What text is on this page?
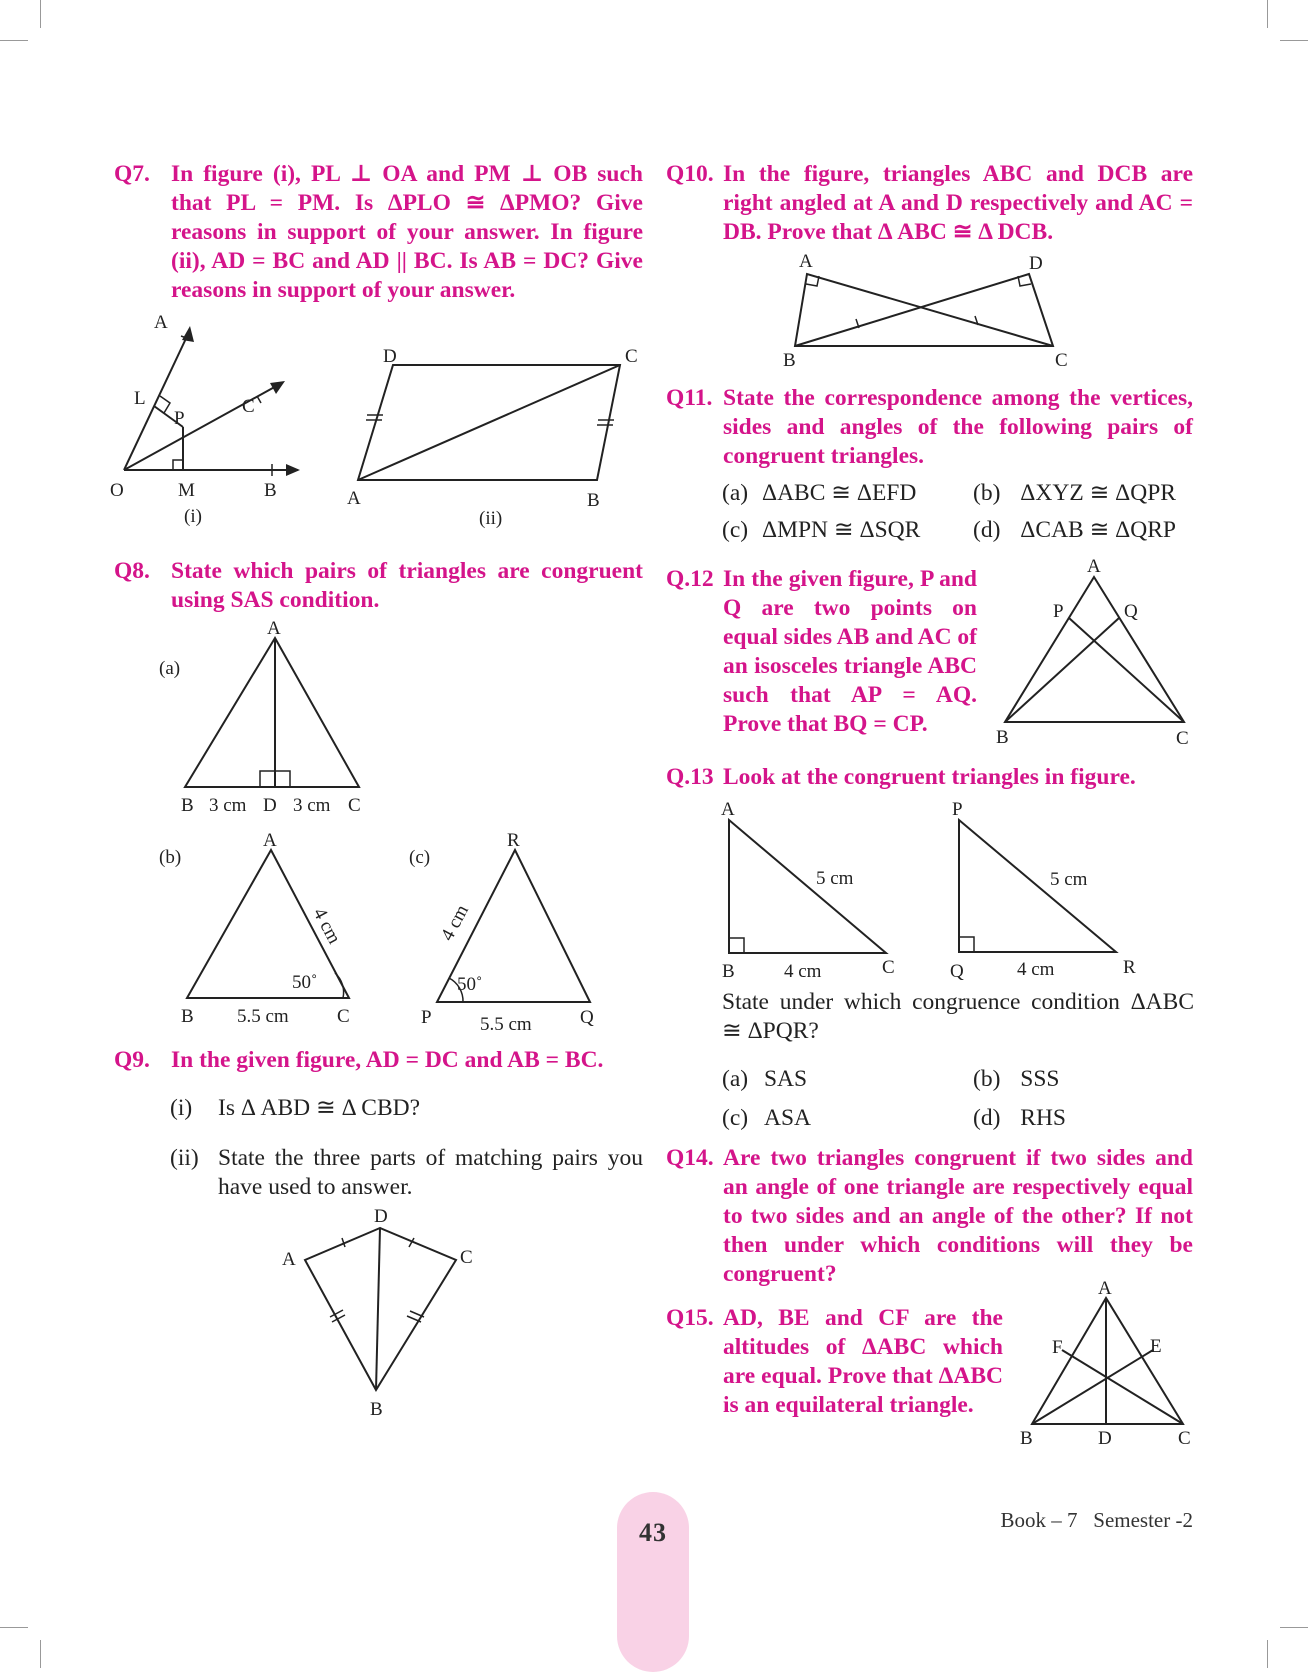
Q7. In figure (i), PL ⊥ OA and PM ⊥ OB such that PL = PM. Is ΔPLO ≅ ΔPMO? Give reasons in support of your answer. In figure (ii), AD = BC and AD || BC. Is AB = DC? Give reasons in support of your answer.
A
L
P
C
O	M	B
(i)
D	C
A	B
(ii)
Q8. State which pairs of triangles are congruent using SAS condition.
A
(a)
B 3 cm D 3 cm C
A
(b)
4 cm
50˚
B 5.5 cm	C
R
(c)
4 cm
50˚
P	5.5 cm	Q
Q9. In the given figure, AD = DC and AB = BC.
(i) Is Δ ABD ≅ Δ CBD?
(ii) State the three parts of matching pairs you have used to answer.
D
A	C
B
Q10. In the figure, triangles ABC and DCB are right angled at A and D respectively and AC = DB. Prove that Δ ABC ≅ Δ DCB.
A	D
B	C
Q11. State the correspondence among the vertices, sides and angles of the following pairs of congruent triangles.
(a) ΔABC ≅ ΔEFD	(b) ΔXYZ ≅ ΔQPR
(c) ΔMPN ≅ ΔSQR	(d) ΔCAB ≅ ΔQRP
Q.12 In the given figure, P and Q are two points on equal sides AB and AC of an isosceles triangle ABC such that AP = AQ. Prove that BQ = CP.
A
P	Q
B	C
Q.13 Look at the congruent triangles in figure.
A
5 cm
B	4 cm	C
P
5 cm
Q	4 cm	R
State under which congruence condition ΔABC ≅ ΔPQR?
(a) SAS	(b) SSS
(c) ASA	(d) RHS
Q14. Are two triangles congruent if two sides and an angle of one triangle are respectively equal to two sides and an angle of the other? If not then under which conditions will they be congruent?
Q15. AD, BE and CF are the altitudes of ΔABC which are equal. Prove that ΔABC is an equilateral triangle.
A
F	E
B	D	C
43	Book – 7   Semester -2
